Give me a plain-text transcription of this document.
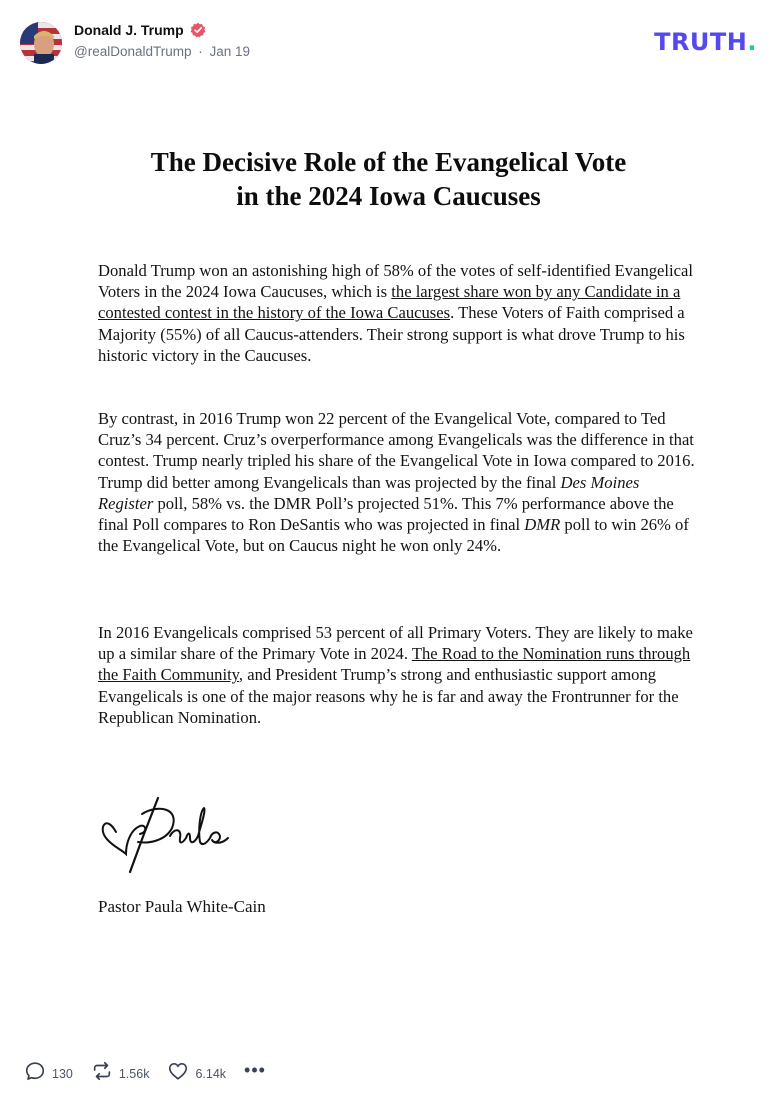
Donald J. Trump
@realDonaldTrump · Jan 19	TRUTH.
The Decisive Role of the Evangelical Vote
in the 2024 Iowa Caucuses
Donald Trump won an astonishing high of 58% of the votes of self-identified Evangelical Voters in the 2024 Iowa Caucuses, which is the largest share won by any Candidate in a contested contest in the history of the Iowa Caucuses. These Voters of Faith comprised a Majority (55%) of all Caucus-attenders. Their strong support is what drove Trump to his historic victory in the Caucuses.
By contrast, in 2016 Trump won 22 percent of the Evangelical Vote, compared to Ted Cruz’s 34 percent. Cruz’s overperformance among Evangelicals was the difference in that contest. Trump nearly tripled his share of the Evangelical Vote in Iowa compared to 2016. Trump did better among Evangelicals than was projected by the final Des Moines Register poll, 58% vs. the DMR Poll’s projected 51%. This 7% performance above the final Poll compares to Ron DeSantis who was projected in final DMR poll to win 26% of the Evangelical Vote, but on Caucus night he won only 24%.
In 2016 Evangelicals comprised 53 percent of all Primary Voters. They are likely to make up a similar share of the Primary Vote in 2024. The Road to the Nomination runs through the Faith Community, and President Trump’s strong and enthusiastic support among Evangelicals is one of the major reasons why he is far and away the Frontrunner for the Republican Nomination.
Pastor Paula White-Cain
130	1.56k	6.14k •••
